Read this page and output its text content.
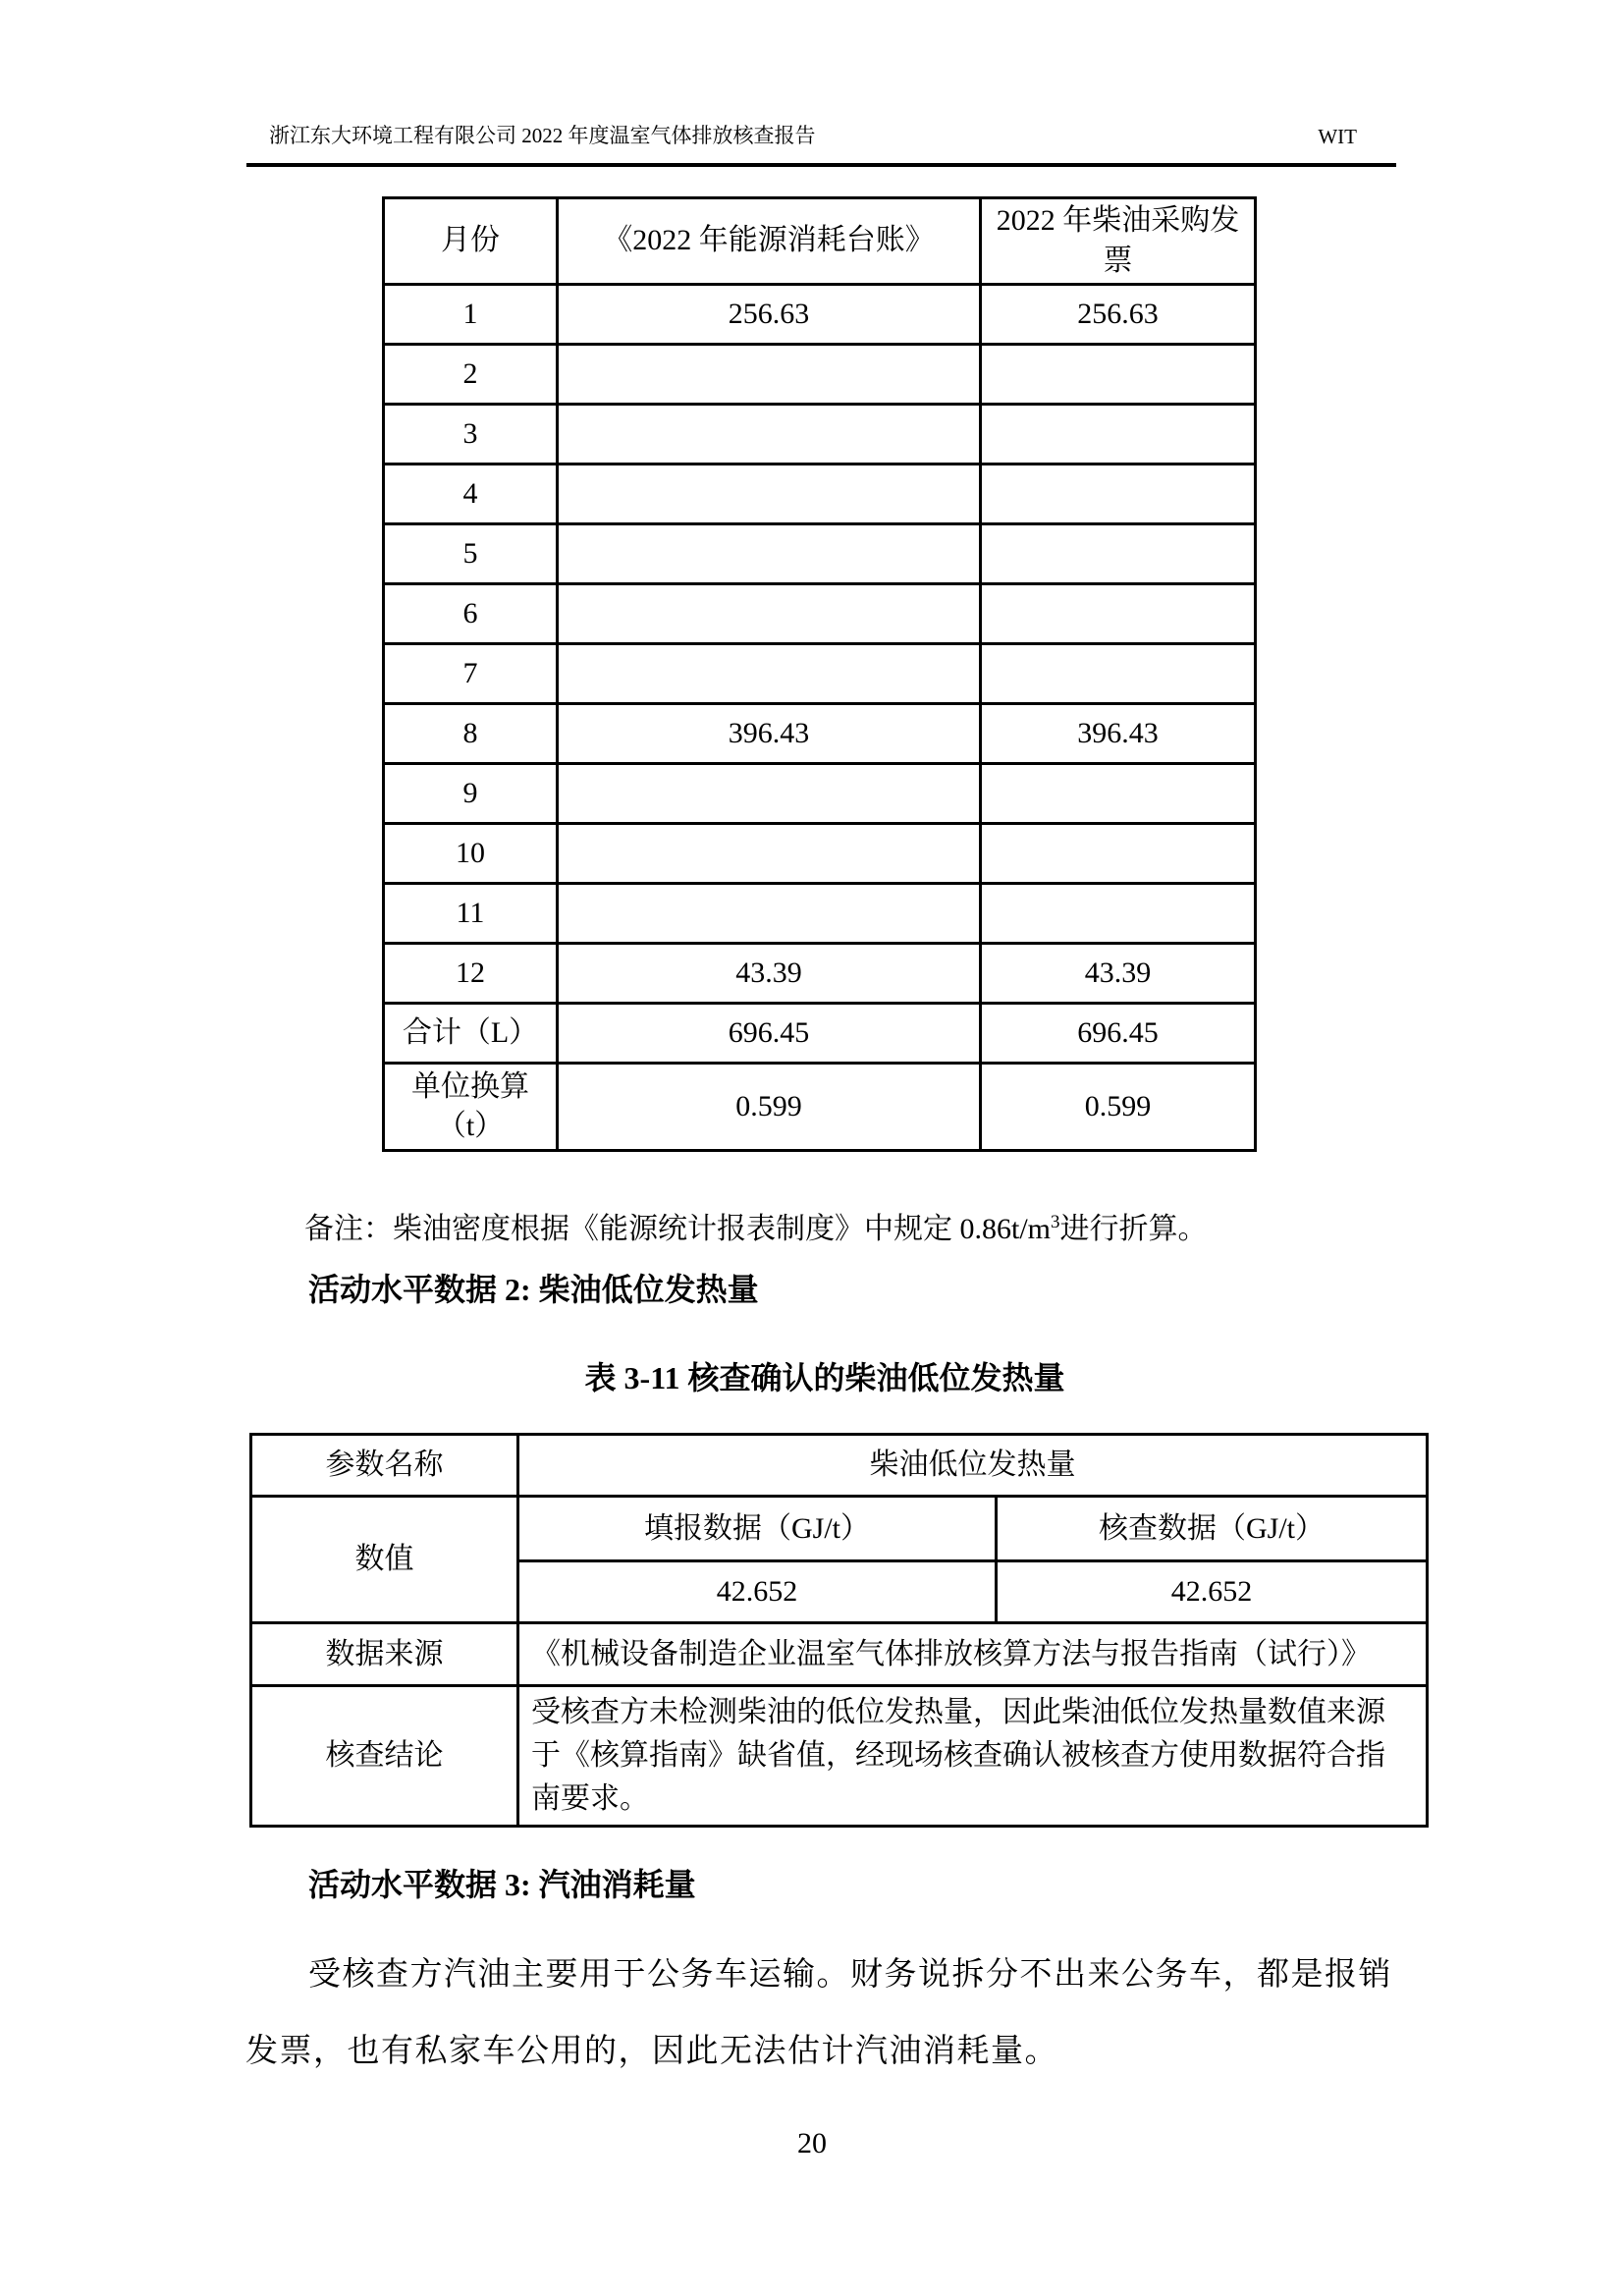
浙江东大环境工程有限公司 2022 年度温室气体排放核查报告	WIT
月份	《2022 年能源消耗台账》	2022 年柴油采购发票
1	256.63	256.63
2		
3		
4		
5		
6		
7		
8	396.43	396.43
9		
10		
11		
12	43.39	43.39
合计（L）	696.45	696.45

单位换算
（t）	0.599	0.599

备注：柴油密度根据《能源统计报表制度》中规定 $0.86t/m^3$进行折算。

活动水平数据 2: 柴油低位发热量
表 3-11 核查确认的柴油低位发热量
参数名称	柴油低位发热量	
数值	填报数据（GJ/t）	核查数据（GJ/t）
	42.652	42.652
数据来源	《机械设备制造企业温室气体排放核算方法与报告指南（试行）》	
核查结论	受核查方未检测柴油的低位发热量，因此柴油低位发热量数值来源于《核算指南》缺省值，经现场核查确认被核查方使用数据符合指南要求。	
活动水平数据 3: 汽油消耗量

受核查方汽油主要用于公务车运输。财务说拆分不出来公务车，都是报销发票，也有私家车公用的，因此无法估计汽油消耗量。

20
